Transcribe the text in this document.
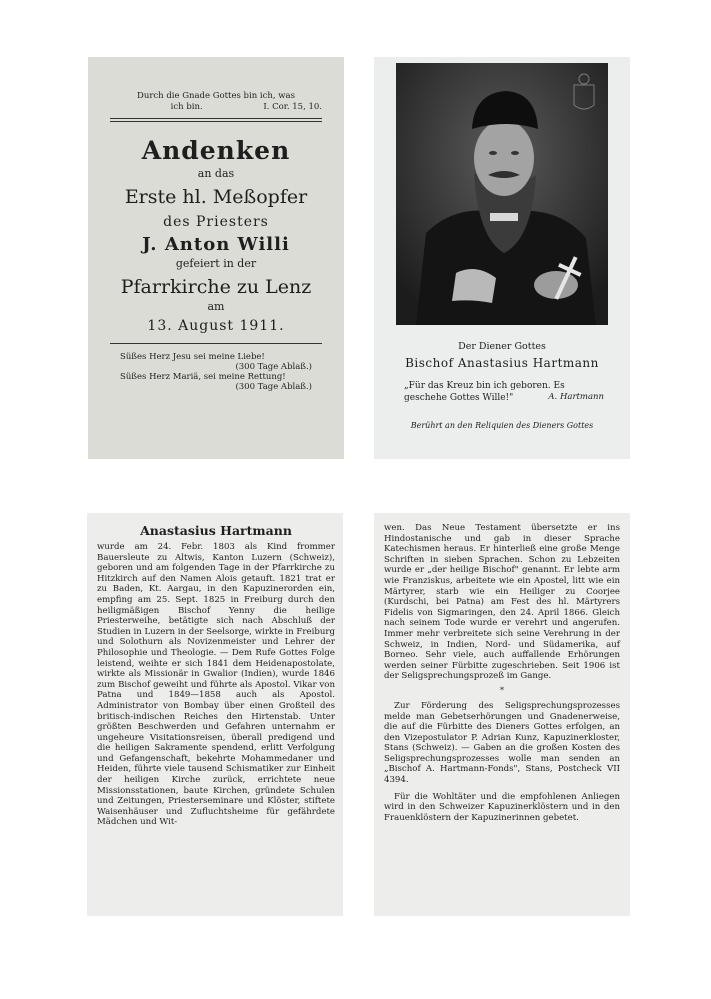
Durch die Gnade Gottes bin ich, was
ich bin.	I. Cor. 15, 10.
Andenken
an das
Erste hl. Meßopfer
des Priesters
J. Anton Willi
gefeiert in der
Pfarrkirche zu Lenz
am
13. August 1911.
Süßes Herz Jesu sei meine Liebe!
(300 Tage Ablaß.)
Süßes Herz Mariä, sei meine Rettung!
(300 Tage Ablaß.)
Der Diener Gottes
Bischof Anastasius Hartmann
„Für das Kreuz bin ich geboren. Es geschehe Gottes Wille!"	A. Hartmann
Berührt an den Reliquien des Dieners Gottes
Anastasius Hartmann

wurde am 24. Febr. 1803 als Kind frommer Bauersleute zu Altwis, Kanton Luzern (Schweiz), geboren und am folgenden Tage in der Pfarrkirche zu Hitzkirch auf den Namen Alois getauft. 1821 trat er zu Baden, Kt. Aargau, in den Kapuzinerorden ein, empfing am 25. Sept. 1825 in Freiburg durch den heiligmäßigen Bischof Yenny die heilige Priesterweihe, betätigte sich nach Abschluß der Studien in Luzern in der Seelsorge, wirkte in Freiburg und Solothurn als Novizenmeister und Lehrer der Philosophie und Theologie. — Dem Rufe Gottes Folge leistend, weihte er sich 1841 dem Heidenapostolate, wirkte als Missionär in Gwalior (Indien), wurde 1846 zum Bischof geweiht und führte als Apostol. Vikar von Patna und 1849—1858 auch als Apostol. Administrator von Bombay über einen Großteil des britisch-indischen Reiches den Hirtenstab. Unter größten Beschwerden und Gefahren unternahm er ungeheure Visitationsreisen, überall predigend und die heiligen Sakramente spendend, erlitt Verfolgung und Gefangenschaft, bekehrte Mohammedaner und Heiden, führte viele tausend Schismatiker zur Einheit der heiligen Kirche zurück, errichtete neue Missionsstationen, baute Kirchen, gründete Schulen und Zeitungen, Priesterseminare und Klöster, stiftete Waisenhäuser und Zufluchtsheime für gefährdete Mädchen und Wit-

wen. Das Neue Testament übersetzte er ins Hindostanische und gab in dieser Sprache Katechismen heraus. Er hinterließ eine große Menge Schriften in sieben Sprachen. Schon zu Lebzeiten wurde er „der heilige Bischof" genannt. Er lebte arm wie Franziskus, arbeitete wie ein Apostel, litt wie ein Märtyrer, starb wie ein Heiliger zu Coorjee (Kurdschi, bei Patna) am Fest des hl. Märtyrers Fidelis von Sigmaringen, den 24. April 1866. Gleich nach seinem Tode wurde er verehrt und angerufen. Immer mehr verbreitete sich seine Verehrung in der Schweiz, in Indien, Nord- und Südamerika, auf Borneo. Sehr viele, auch auffallende Erhörungen werden seiner Fürbitte zugeschrieben. Seit 1906 ist der Seligsprechungsprozeß im Gange.

*

Zur Förderung des Seligsprechungsprozesses melde man Gebetserhörungen und Gnadenerweise, die auf die Fürbitte des Dieners Gottes erfolgen, an den Vizepostulator P. Adrian Kunz, Kapuzinerkloster, Stans (Schweiz). — Gaben an die großen Kosten des Seligsprechungsprozesses wolle man senden an „Bischof A. Hartmann-Fonds", Stans, Postcheck VII 4394.

Für die Wohltäter und die empfohlenen Anliegen wird in den Schweizer Kapuzinerklöstern und in den Frauenklöstern der Kapuzinerinnen gebetet.
